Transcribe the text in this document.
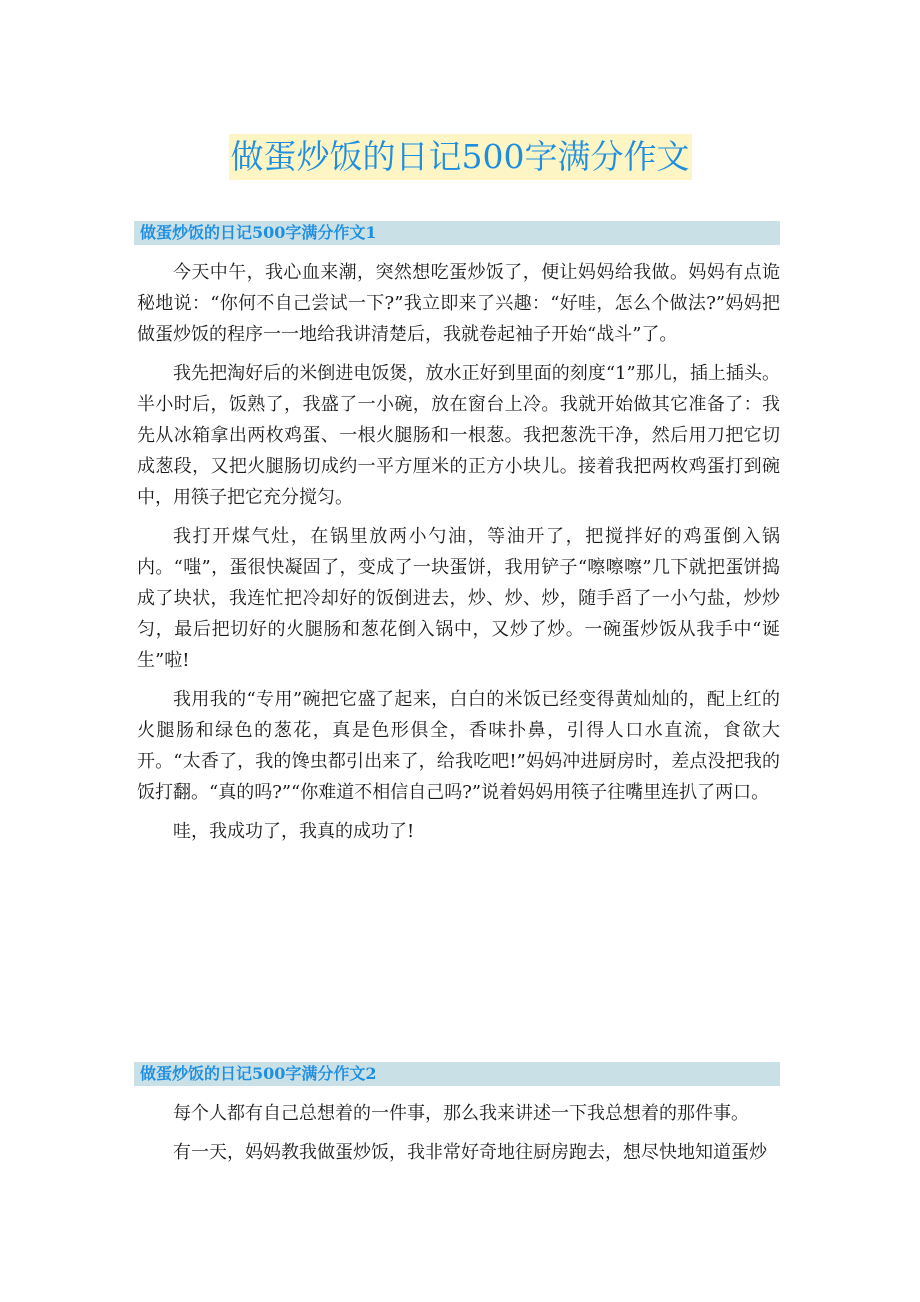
做蛋炒饭的日记500字满分作文
做蛋炒饭的日记500字满分作文1

今天中午，我心血来潮，突然想吃蛋炒饭了，便让妈妈给我做。妈妈有点诡秘地说：“你何不自己尝试一下?”我立即来了兴趣：“好哇，怎么个做法?”妈妈把做蛋炒饭的程序一一地给我讲清楚后，我就卷起袖子开始“战斗”了。

我先把淘好后的米倒进电饭煲，放水正好到里面的刻度“1”那儿，插上插头。半小时后，饭熟了，我盛了一小碗，放在窗台上冷。我就开始做其它准备了：我先从冰箱拿出两枚鸡蛋、一根火腿肠和一根葱。我把葱洗干净，然后用刀把它切成葱段，又把火腿肠切成约一平方厘米的正方小块儿。接着我把两枚鸡蛋打到碗中，用筷子把它充分搅匀。

我打开煤气灶，在锅里放两小勺油，等油开了，把搅拌好的鸡蛋倒入锅内。“嗤”，蛋很快凝固了，变成了一块蛋饼，我用铲子“嚓嚓嚓”几下就把蛋饼捣成了块状，我连忙把冷却好的饭倒进去，炒、炒、炒，随手舀了一小勺盐，炒炒匀，最后把切好的火腿肠和葱花倒入锅中，又炒了炒。一碗蛋炒饭从我手中“诞生”啦!

我用我的“专用”碗把它盛了起来，白白的米饭已经变得黄灿灿的，配上红的火腿肠和绿色的葱花，真是色形俱全，香味扑鼻，引得人口水直流，食欲大开。“太香了，我的馋虫都引出来了，给我吃吧!”妈妈冲进厨房时，差点没把我的饭打翻。“真的吗?”“你难道不相信自己吗?”说着妈妈用筷子往嘴里连扒了两口。

哇，我成功了，我真的成功了!

做蛋炒饭的日记500字满分作文2

每个人都有自己总想着的一件事，那么我来讲述一下我总想着的那件事。

有一天，妈妈教我做蛋炒饭，我非常好奇地往厨房跑去，想尽快地知道蛋炒
